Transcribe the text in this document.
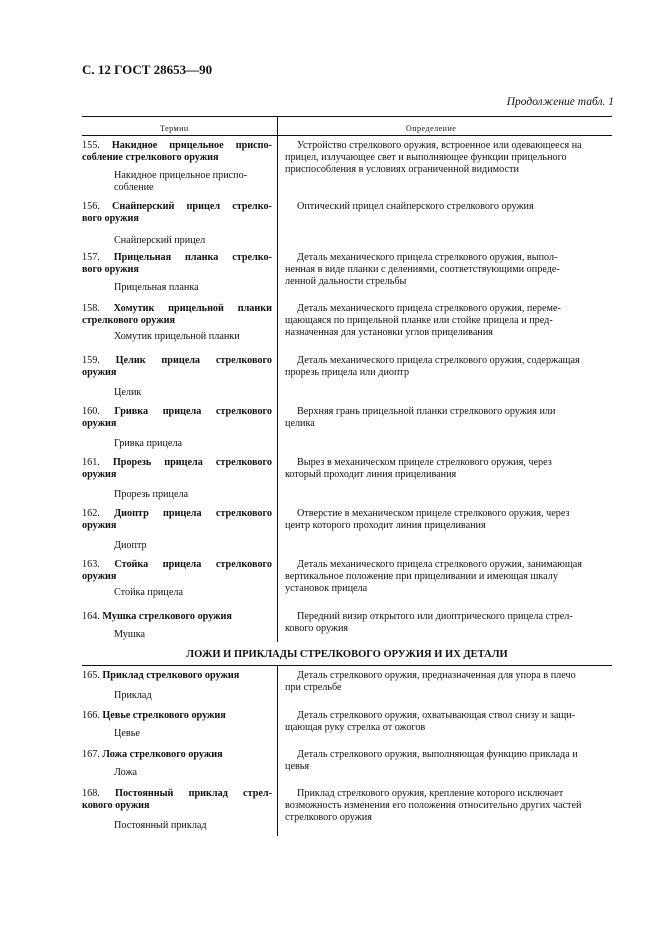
С. 12 ГОСТ 28653—90
Продолжение табл. 1
Термин	Определение
155. Накидное прицельное приспо-
собление стрелкового оружия
Накидное прицельное приспо-
собление
Устройство стрелкового оружия, встроенное или одевающееся на
прицел, излучающее свет и выполняющее функции прицельного
приспособления в условиях ограниченной видимости
156. Снайперский прицел стрелко-
вого оружия
Снайперский прицел
Оптический прицел снайперского стрелкового оружия
157. Прицельная планка стрелко-
вого оружия
Прицельная планка
Деталь механического прицела стрелкового оружия, выпол-
ненная в виде планки с делениями, соответствующими опреде-
ленной дальности стрельбы
158. Хомутик прицельной планки
стрелкового оружия
Хомутик прицельной планки
Деталь механического прицела стрелкового оружия, переме-
щающаяся по прицельной планке или стойке прицела и пред-
назначенная для установки углов прицеливания
159. Целик прицела стрелкового
оружия
Целик
Деталь механического прицела стрелкового оружия, содержащая
прорезь прицела или диоптр
160. Гривка прицела стрелкового
оружия
Гривка прицела
Верхняя грань прицельной планки стрелкового оружия или
целика
161. Прорезь прицела стрелкового
оружия
Прорезь прицела
Вырез в механическом прицеле стрелкового оружия, через
который проходит линия прицеливания
162. Диоптр прицела стрелкового
оружия
Диоптр
Отверстие в механическом прицеле стрелкового оружия, через
центр которого проходит линия прицеливания
163. Стойка прицела стрелкового
оружия
Стойка прицела
Деталь механического прицела стрелкового оружия, занимающая
вертикальное положение при прицеливании и имеющая шкалу
установок прицела
164. Мушка стрелкового оружия
Мушка
Передний визир открытого или диоптрического прицела стрел-
кового оружия
ЛОЖИ И ПРИКЛАДЫ СТРЕЛКОВОГО ОРУЖИЯ И ИХ ДЕТАЛИ
165. Приклад стрелкового оружия
Приклад
Деталь стрелкового оружия, предназначенная для упора в плечо
при стрельбе
166. Цевье стрелкового оружия
Цевье
Деталь стрелкового оружия, охватывающая ствол снизу и защи-
щающая руку стрелка от ожогов
167. Ложа стрелкового оружия
Ложа
Деталь стрелкового оружия, выполняющая функцию приклада и
цевья
168. Постоянный приклад стрел-
кового оружия
Постоянный приклад
Приклад стрелкового оружия, крепление которого исключает
возможность изменения его положения относительно других частей
стрелкового оружия
